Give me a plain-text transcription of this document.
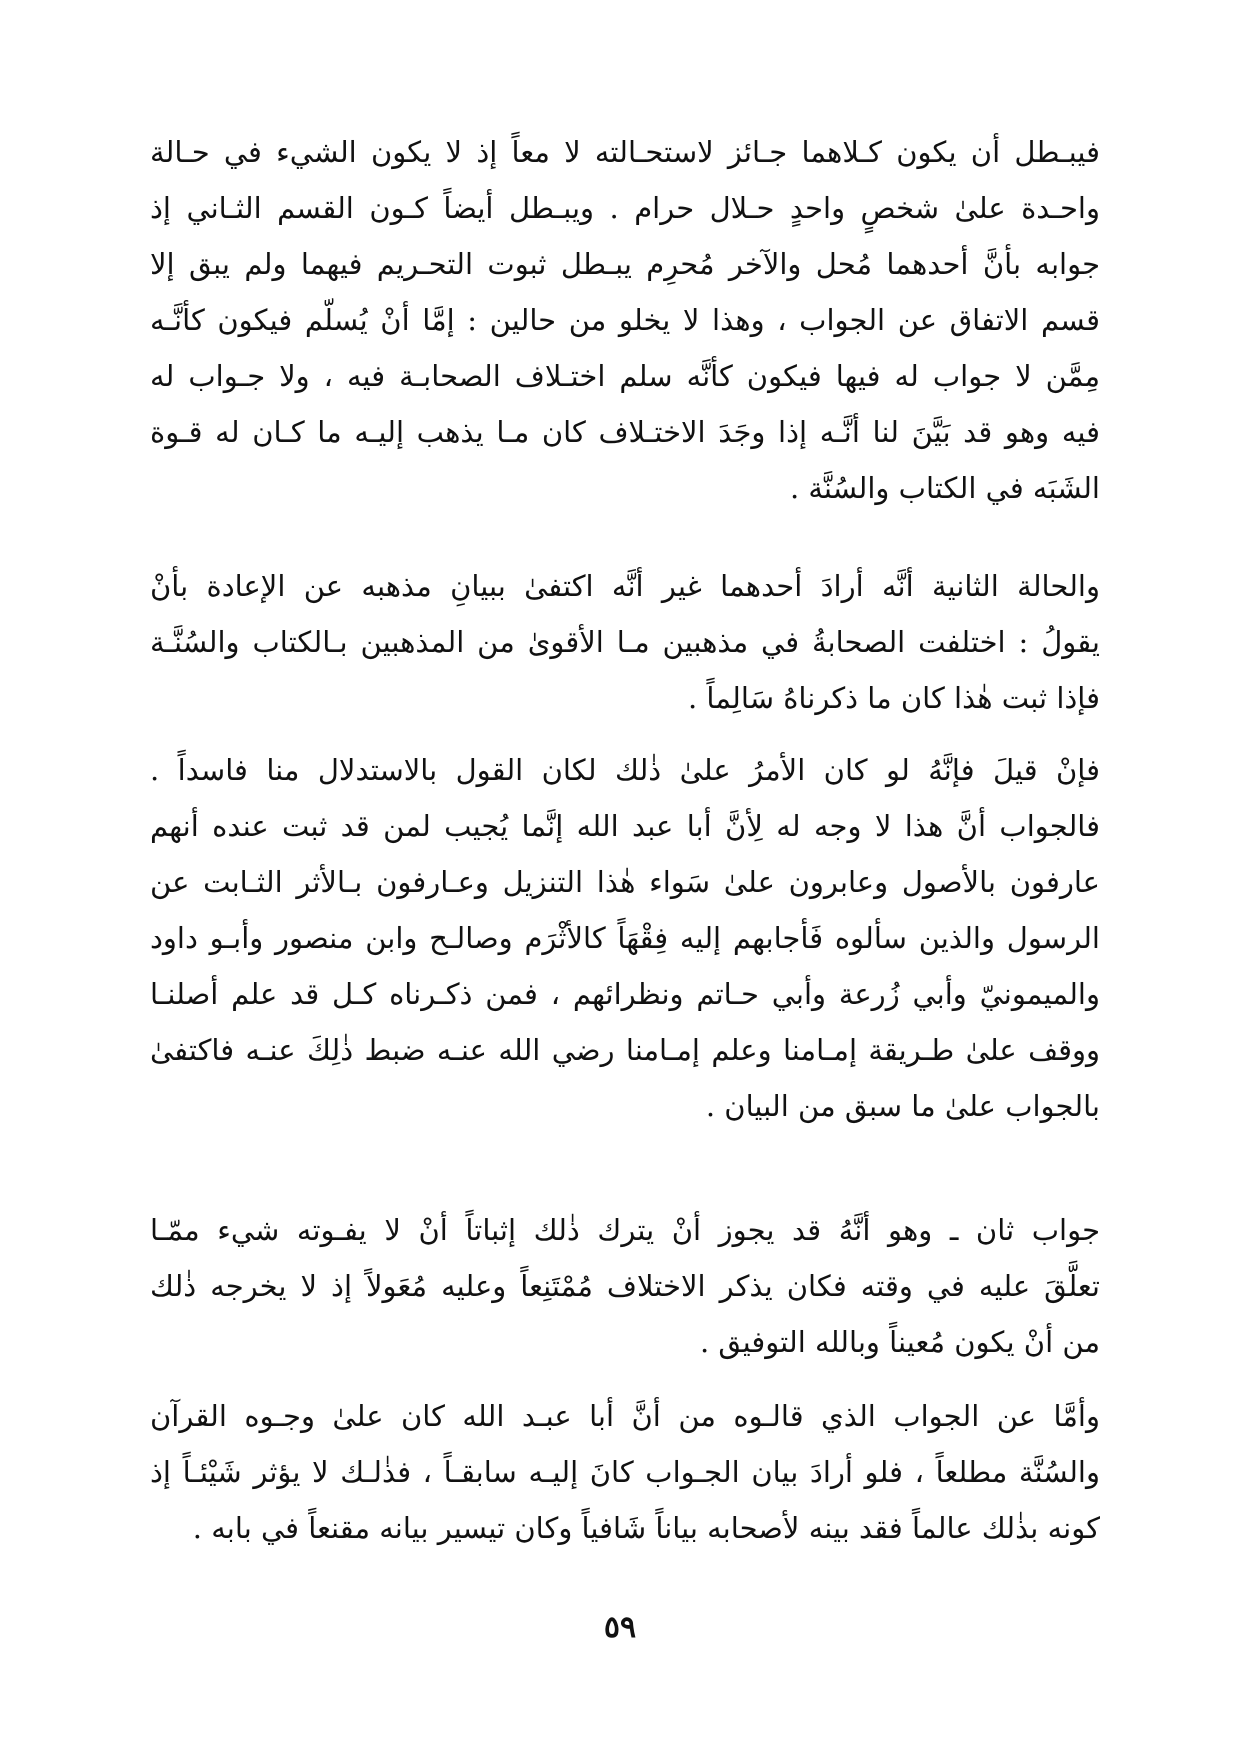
فيبـطل أن يكون كـلاهما جـائز لاستحـالته لا معاً إذ لا يكون الشيء في حـالة
واحـدة علىٰ شخصٍ واحدٍ حـلال حرام . ويبـطل أيضاً كـون القسم الثـاني إذ
جوابه بأنَّ أحدهما مُحل والآخر مُحرِم يبـطل ثبوت التحـريم فيهما ولم يبق إلا
قسم الاتفاق عن الجواب ، وهذا لا يخلو من حالين : إمَّا أنْ يُسلّم فيكون كأنَّـه
مِمَّن لا جواب له فيها فيكون كأنَّه سلم اختـلاف الصحابـة فيه ، ولا جـواب له
فيه وهو قد بَيَّنَ لنا أنَّـه إذا وجَدَ الاختـلاف كان مـا يذهب إليـه ما كـان له قـوة
الشَبَه في الكتاب والسُنَّة .
والحالة الثانية أنَّه أرادَ أحدهما غير أنَّه اكتفىٰ ببيانِ مذهبه عن الإعادة بأنْ
يقولُ : اختلفت الصحابةُ في مذهبين مـا الأقوىٰ من المذهبين بـالكتاب والسُنَّـة
فإذا ثبت هٰذا كان ما ذكرناهُ سَالِماً .
فإنْ قيلَ فإنَّهُ لو كان الأمرُ علىٰ ذٰلك لكان القول بالاستدلال منا فاسداً .
فالجواب أنَّ هذا لا وجه له لِأنَّ أبا عبد الله إنَّما يُجيب لمن قد ثبت عنده أنهم
عارفون بالأصول وعابرون علىٰ سَواء هٰذا التنزيل وعـارفون بـالأثر الثـابت عن
الرسول والذين سألوه فَأجابهم إليه فِقْهَاً كالأثْرَم وصالـح وابن منصور وأبـو داود
والميمونيّ وأبي زُرعة وأبي حـاتم ونظرائهم ، فمن ذكـرناه كـل قد علم أصلنـا
ووقف علىٰ طـريقة إمـامنا وعلم إمـامنا رضي الله عنـه ضبط ذٰلِكَ عنـه فاكتفىٰ
بالجواب علىٰ ما سبق من البيان .
جواب ثان ـ وهو أنَّهُ قد يجوز أنْ يترك ذٰلك إثباتاً أنْ لا يفـوته شيء ممّـا
تعلَّقَ عليه في وقته فكان يذكر الاختلاف مُمْتَنِعاً وعليه مُعَولاً إذ لا يخرجه ذٰلك
من أنْ يكون مُعيناً وبالله التوفيق .
وأمَّا عن الجواب الذي قالـوه من أنَّ أبا عبـد الله كان علىٰ وجـوه القرآن
والسُنَّة مطلعاً ، فلو أرادَ بيان الجـواب كانَ إليـه سابقـاً ، فذٰلـك لا يؤثر شَيْئـاً إذ
كونه بذٰلك عالماً فقد بينه لأصحابه بياناً شَافياً وكان تيسير بيانه مقنعاً في بابه .
٥٩
